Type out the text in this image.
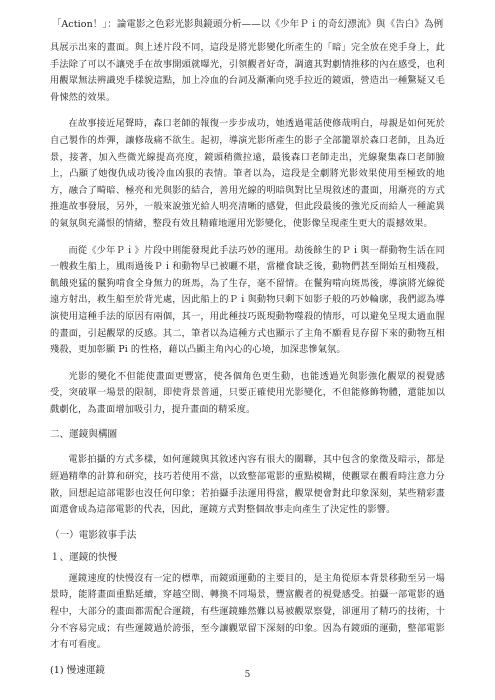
「Action！」：論電影之色彩光影與鏡頭分析——以《少年Ｐｉ的奇幻漂流》與《告白》為例

具展示出來的畫面。與上述片段不同，這段是將光影變化所產生的「暗」完全放在兇手身上，此手法除了可以不讓兇手在故事開頭就曝光，引領觀者好奇，調適其對劇情推移的內在感受，也利用觀眾無法辨識兇手樣貌這點，加上冷血的台詞及漸漸向兇手拉近的鏡頭，營造出一種驚疑又毛骨悚然的效果。

在故事接近尾聲時，森口老師的報復一步步成功，她透過電話使修哉明白，母親是如何死於自己製作的炸彈，讓修哉痛不欲生。起初，導演光影所產生的影子全部籠罩於森口老師，且為近景，接著，加入些微光線提高亮度，鏡頭稍微拉遠，最後森口老師走出，光線聚集森口老師臉上，凸顯了她復仇成功後冷血凶狠的表情。筆者以為，這段是全劇將光影效果使用至極致的地方，融合了畸暗、極亮和光與影的結合，善用光線的明暗與對比呈現敘述的畫面，用漸亮的方式推進故事發展，另外，一般來說強光給人明亮清晰的感覺，但此段最後的強光反而給人一種詭異的氣氛與充滿恨的情緒，整段有效且精確地運用光影變化，使影像呈現產生更大的震撼效果。

而從《少年Ｐｉ》片段中則能發現此手法巧妙的運用。劫後餘生的Ｐｉ與一群動物生活在同一艘救生船上，風雨過後Ｐｉ和動物早已被曬不堪，當權食缺乏後，動物們甚至開始互相殘殺，飢餓兇猛的鬣狗啃食全身無力的斑馬，為了生存，毫不留情。在鬣狗啃向斑馬後，導演將光線從遠方射出，救生船至於背光處，因此船上的Ｐｉ與動物只剩下如影子般的巧妙輪廓，我們認為導演使用這種手法的原因有兩個，其一，用此種技巧既現動物噬殺的情形，可以避免呈現太過血腥的畫面，引起觀眾的反感。其二，筆者以為這種方式也顯示了主角不願看見存留下來的動物互相殘殺，更加彰顯 Pi 的性格，藉以凸顯主角內心的心境，加深悲慘氣氛。

光影的變化不但能使畫面更豐富，使各個角色更生動，也能透過光與影強化觀眾的視覺感受，突破單一場景的限制，即使背景普通，只要正確使用光影變化，不但能修飾物體，還能加以戲劇化，為畫面增加吸引力，提升畫面的精采度。

二、運鏡與構圖

電影拍攝的方式多樣，如何運鏡與其敘述內容有很大的關聯，其中包含的象徵及暗示，都是經過精準的計算和研究，技巧若使用不當，以致整部電影的重點模糊，使觀眾在觀看時注意力分散，回想起這部電影也沒任何印象；若拍攝手法運用得當，觀眾便會對此印象深刻，某些精彩畫面還會成為這部電影的代表，因此，運鏡方式對整個故事走向產生了決定性的影響。

（一）電影敘事手法
１、運鏡的快慢

運鏡速度的快慢沒有一定的標準，而鏡頭運動的主要目的，是主角從原本背景移動至另一場景時，能將畫面重點延續，穿越空間、轉換不同場景，豐富觀者的視覺感受。拍攝一部電影的過程中，大部分的畫面都需配合運鏡，有些運鏡雖然難以易被觀眾察覺，卻運用了精巧的技術，十分不容易完成；有些運鏡過於誇張，至今讓觀眾留下深刻的印象。因為有鏡頭的運動，整部電影才有可看度。

(1) 慢速運鏡	5
